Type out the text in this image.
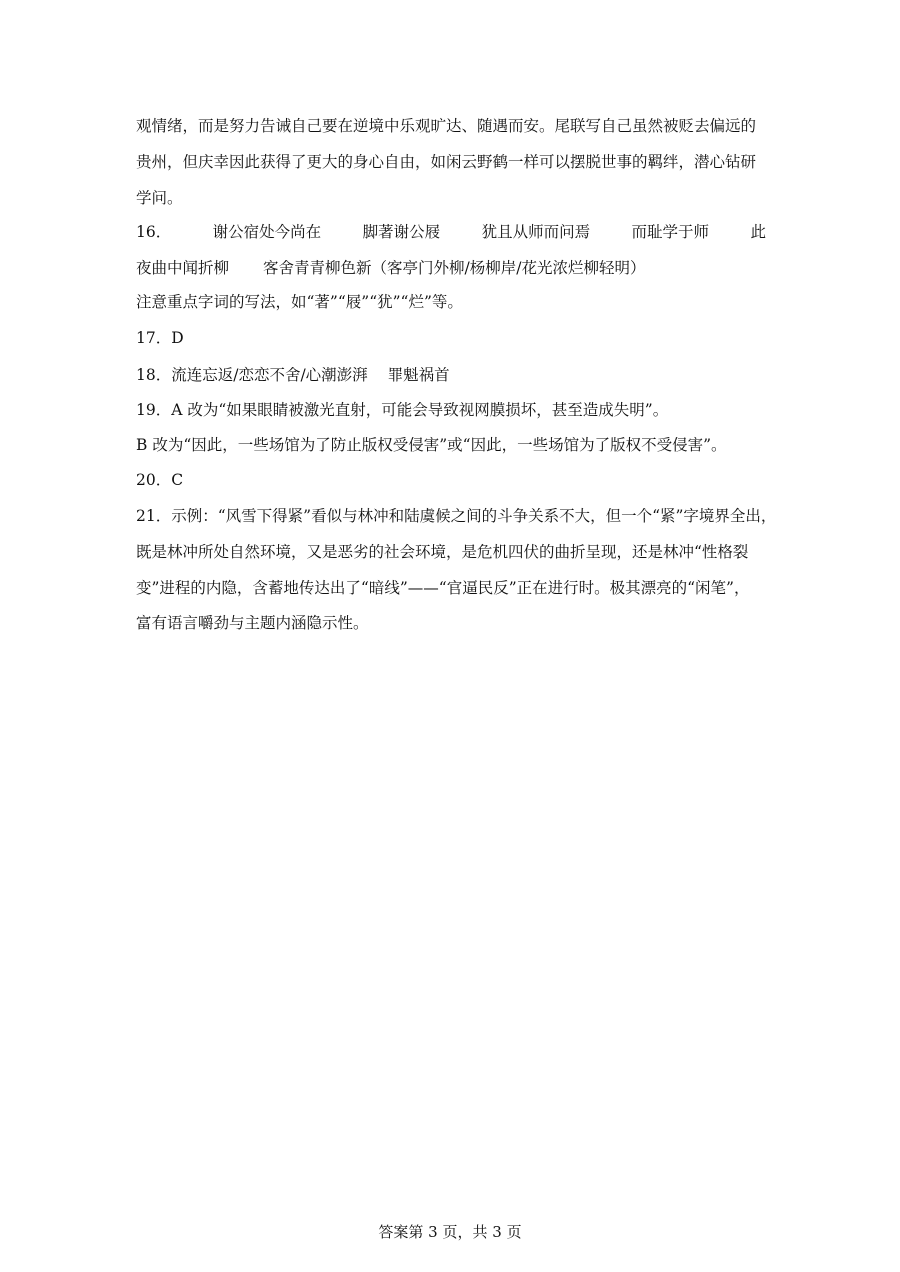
观情绪，而是努力告诫自己要在逆境中乐观旷达、随遇而安。尾联写自己虽然被贬去偏远的
贵州，但庆幸因此获得了更大的身心自由，如闲云野鹤一样可以摆脱世事的羁绊，潜心钻研
学问。
16．	谢公宿处今尚在	脚著谢公屐	犹且从师而问焉	而耻学于师	此
夜曲中闻折柳 客舍青青柳色新（客亭门外柳/杨柳岸/花光浓烂柳轻明）
注意重点字词的写法，如“著”“屐”“犹”“烂”等。
17．D
18．流连忘返/恋恋不舍/心潮澎湃 罪魁祸首
19．A 改为“如果眼睛被激光直射，可能会导致视网膜损坏，甚至造成失明”。
B 改为“因此，一些场馆为了防止版权受侵害”或“因此，一些场馆为了版权不受侵害”。
20．C
21．示例：“风雪下得紧”看似与林冲和陆虞候之间的斗争关系不大，但一个“紧”字境界全出，
既是林冲所处自然环境，又是恶劣的社会环境，是危机四伏的曲折呈现，还是林冲“性格裂
变”进程的内隐，含蓄地传达出了“暗线”——“官逼民反”正在进行时。极其漂亮的“闲笔”，
富有语言嚼劲与主题内涵隐示性。
答案第 3 页，共 3 页
